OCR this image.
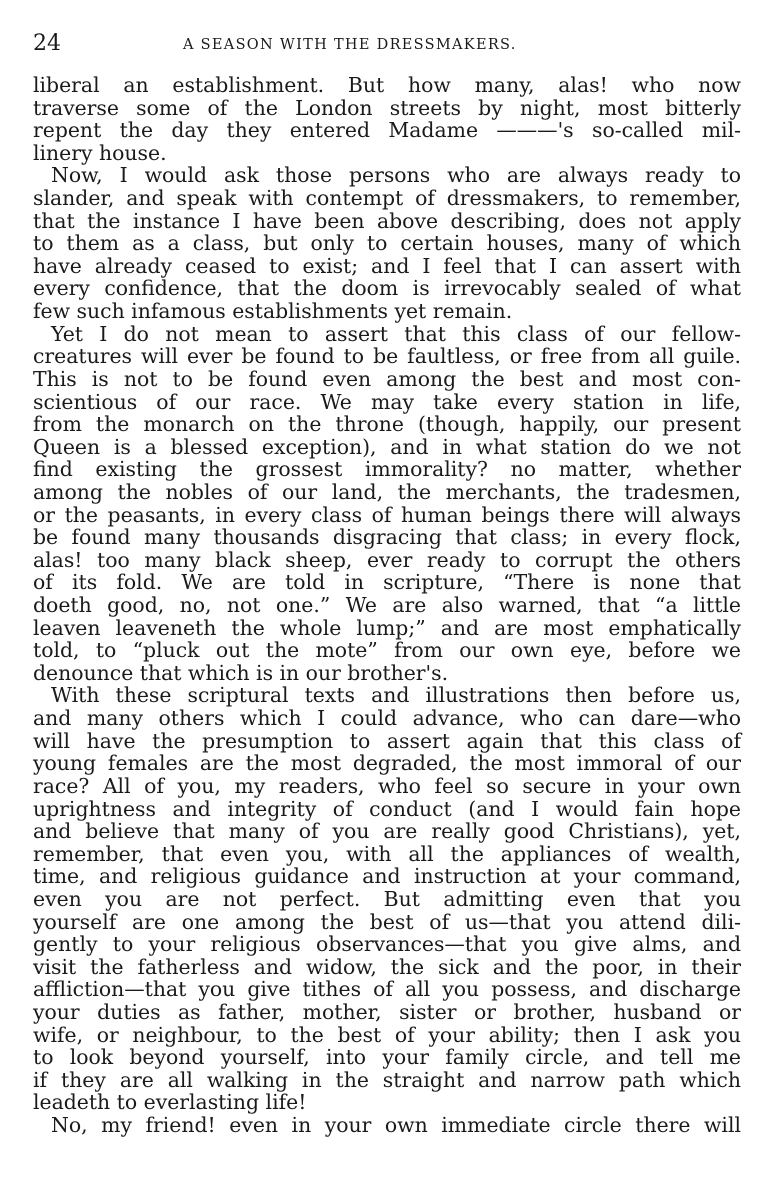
24	A SEASON WITH THE DRESSMAKERS.
liberal an establishment. But how many, alas! who now
traverse some of the London streets by night, most bitterly
repent the day they entered Madame ———'s so-called mil-
linery house.
Now, I would ask those persons who are always ready to
slander, and speak with contempt of dressmakers, to remember,
that the instance I have been above describing, does not apply
to them as a class, but only to certain houses, many of which
have already ceased to exist; and I feel that I can assert with
every confidence, that the doom is irrevocably sealed of what
few such infamous establishments yet remain.
Yet I do not mean to assert that this class of our fellow-
creatures will ever be found to be faultless, or free from all guile.
This is not to be found even among the best and most con-
scientious of our race. We may take every station in life,
from the monarch on the throne (though, happily, our present
Queen is a blessed exception), and in what station do we not
find existing the grossest immorality? no matter, whether
among the nobles of our land, the merchants, the tradesmen,
or the peasants, in every class of human beings there will always
be found many thousands disgracing that class; in every flock,
alas! too many black sheep, ever ready to corrupt the others
of its fold. We are told in scripture, “There is none that
doeth good, no, not one.” We are also warned, that “a little
leaven leaveneth the whole lump;” and are most emphatically
told, to “pluck out the mote” from our own eye, before we
denounce that which is in our brother's.
With these scriptural texts and illustrations then before us,
and many others which I could advance, who can dare—who
will have the presumption to assert again that this class of
young females are the most degraded, the most immoral of our
race? All of you, my readers, who feel so secure in your own
uprightness and integrity of conduct (and I would fain hope
and believe that many of you are really good Christians), yet,
remember, that even you, with all the appliances of wealth,
time, and religious guidance and instruction at your command,
even you are not perfect. But admitting even that you
yourself are one among the best of us—that you attend dili-
gently to your religious observances—that you give alms, and
visit the fatherless and widow, the sick and the poor, in their
affliction—that you give tithes of all you possess, and discharge
your duties as father, mother, sister or brother, husband or
wife, or neighbour, to the best of your ability; then I ask you
to look beyond yourself, into your family circle, and tell me
if they are all walking in the straight and narrow path which
leadeth to everlasting life!
No, my friend! even in your own immediate circle there will
